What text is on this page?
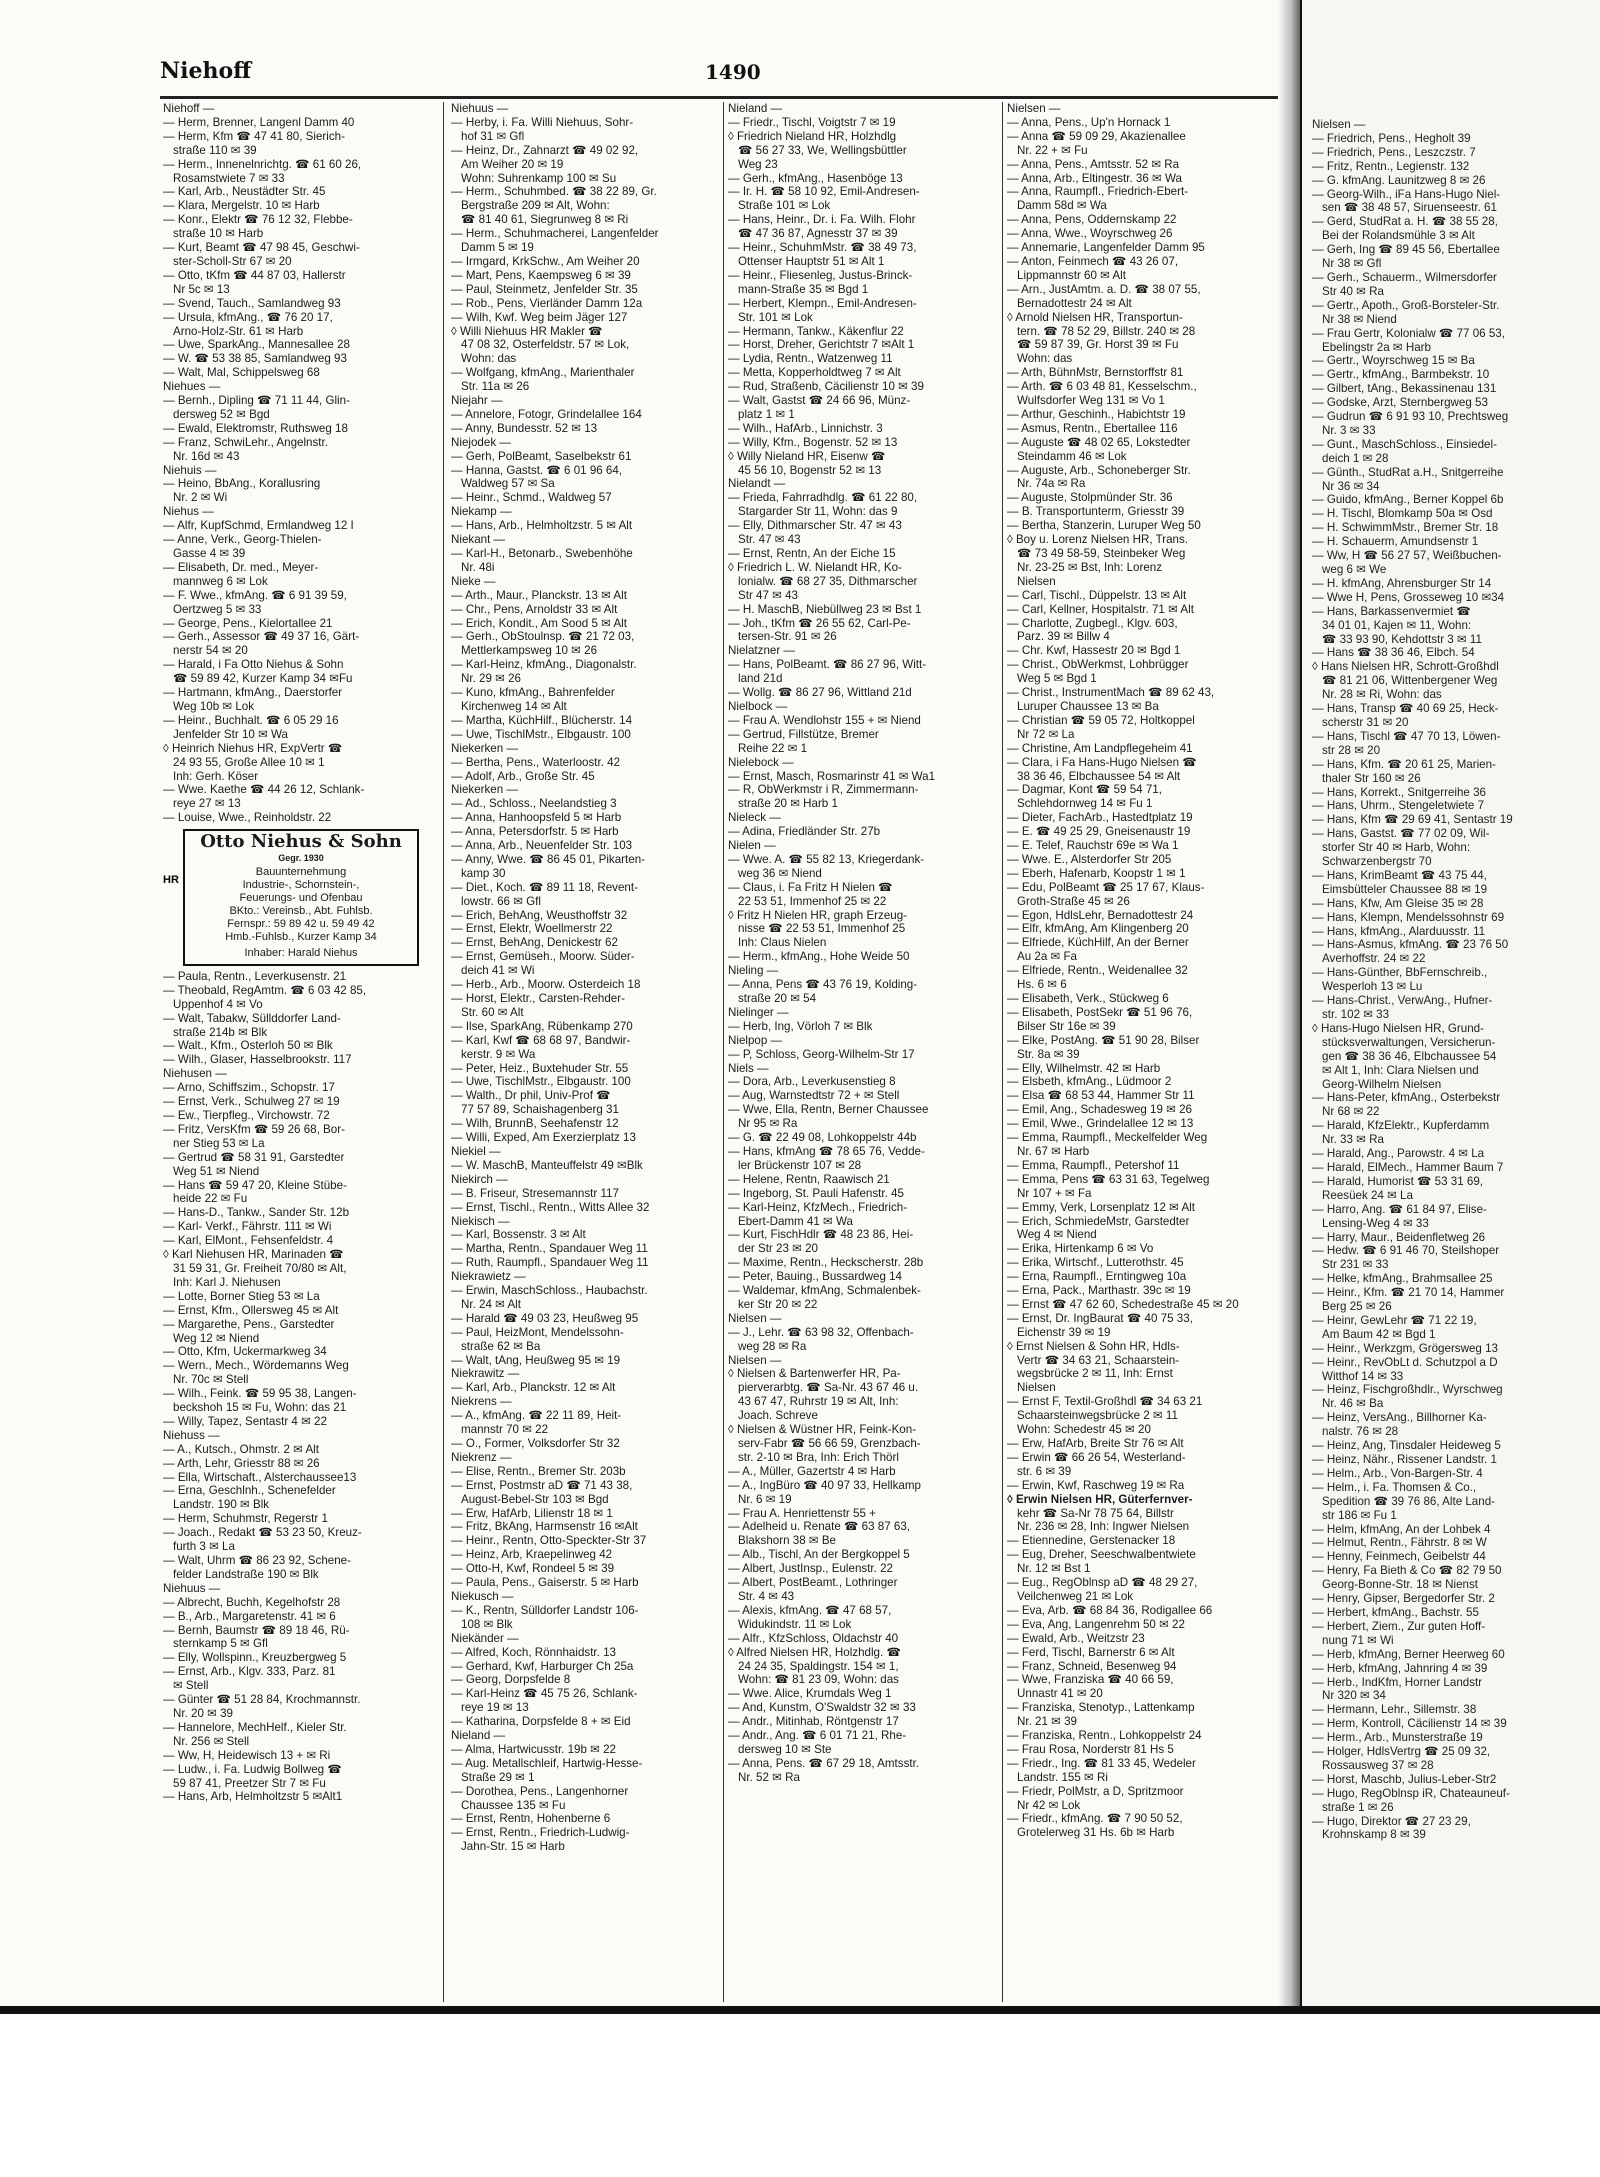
Nielsen —

— Friedrich, Pens., Hegholt 39

— Friedrich, Pens., Leszczstr. 7

— Fritz, Rentn., Legienstr. 132

— G. kfmAng. Launitzweg 8 ✉ 26

— Georg-Wilh., iFa Hans-Hugo Niel-

sen ☎ 38 48 57, Siruenseestr. 61

— Gerd, StudRat a. H. ☎ 38 55 28,

Bei der Rolandsmühle 3 ✉ Alt

— Gerh, Ing ☎ 89 45 56, Ebertallee

Nr 38 ✉ Gfl

— Gerh., Schauerm., Wilmersdorfer

Str 40 ✉ Ra

— Gertr., Apoth., Groß-Borsteler-Str.

Nr 38 ✉ Niend

— Frau Gertr, Kolonialw ☎ 77 06 53,

Ebelingstr 2a ✉ Harb

— Gertr., Woyrschweg 15 ✉ Ba

— Gertr., kfmAng., Barmbekstr. 10

— Gilbert, tAng., Bekassinenau 131

— Godske, Arzt, Sternbergweg 53

— Gudrun ☎ 6 91 93 10, Prechtsweg

Nr. 3 ✉ 33

— Gunt., MaschSchloss., Einsiedel-

deich 1 ✉ 28

— Günth., StudRat a.H., Snitgerreihe

Nr 36 ✉ 34

— Guido, kfmAng., Berner Koppel 6b

— H. Tischl, Blomkamp 50a ✉ Osd

— H. SchwimmMstr., Bremer Str. 18

— H. Schauerm, Amundsenstr 1

— Ww, H ☎ 56 27 57, Weißbuchen-

weg 6 ✉ We

— H. kfmAng, Ahrensburger Str 14

— Wwe H, Pens, Grosseweg 10 ✉34

— Hans, Barkassenvermiet ☎

34 01 01, Kajen ✉ 11, Wohn:

☎ 33 93 90, Kehdottstr 3 ✉ 11

— Hans ☎ 38 36 46, Elbch. 54

◊ Hans Nielsen HR, Schrott-Großhdl

☎ 81 21 06, Wittenbergener Weg

Nr. 28 ✉ Ri, Wohn: das

— Hans, Transp ☎ 40 69 25, Heck-

scherstr 31 ✉ 20

— Hans, Tischl ☎ 47 70 13, Löwen-

str 28 ✉ 20

— Hans, Kfm. ☎ 20 61 25, Marien-

thaler Str 160 ✉ 26

— Hans, Korrekt., Snitgerreihe 36

— Hans, Uhrm., Stengeletwiete 7

— Hans, Kfm ☎ 29 69 41, Sentastr 19

— Hans, Gastst. ☎ 77 02 09, Wil-

storfer Str 40 ✉ Harb, Wohn:

Schwarzenbergstr 70

— Hans, KrimBeamt ☎ 43 75 44,

Eimsbütteler Chaussee 88 ✉ 19

— Hans, Kfw, Am Gleise 35 ✉ 28

— Hans, Klempn, Mendelssohnstr 69

— Hans, kfmAng., Alarduusstr. 11

— Hans-Asmus, kfmAng. ☎ 23 76 50

Averhoffstr. 24 ✉ 22

— Hans-Günther, BbFernschreib.,

Wesperloh 13 ✉ Lu

— Hans-Christ., VerwAng., Hufner-

str. 102 ✉ 33

◊ Hans-Hugo Nielsen HR, Grund-

stücksverwaltungen, Versicherun-

gen ☎ 38 36 46, Elbchaussee 54

✉ Alt 1, Inh: Clara Nielsen und

Georg-Wilhelm Nielsen

— Hans-Peter, kfmAng., Osterbekstr

Nr 68 ✉ 22

— Harald, KfzElektr., Kupferdamm

Nr. 33 ✉ Ra

— Harald, Ang., Parowstr. 4 ✉ La

— Harald, ElMech., Hammer Baum 7

— Harald, Humorist ☎ 53 31 69,

Reesüek 24 ✉ La

— Harro, Ang. ☎ 61 84 97, Elise-

Lensing-Weg 4 ✉ 33

— Harry, Maur., Beidenfletweg 26

— Hedw. ☎ 6 91 46 70, Steilshoper

Str 231 ✉ 33

— Helke, kfmAng., Brahmsallee 25

— Heinr., Kfm. ☎ 21 70 14, Hammer

Berg 25 ✉ 26

— Heinr, GewLehr ☎ 71 22 19,

Am Baum 42 ✉ Bgd 1

— Heinr., Werkzgm, Grögersweg 13

— Heinr., RevObLt d. Schutzpol a D

Witthof 14 ✉ 33

— Heinz, Fischgroßhdlr., Wyrschweg

Nr. 46 ✉ Ba

— Heinz, VersAng., Billhorner Ka-

nalstr. 76 ✉ 28

— Heinz, Ang, Tinsdaler Heideweg 5

— Heinz, Nähr., Rissener Landstr. 1

— Helm., Arb., Von-Bargen-Str. 4

— Helm., i. Fa. Thomsen & Co.,

Spedition ☎ 39 76 86, Alte Land-

str 186 ✉ Fu 1

— Helm, kfmAng, An der Lohbek 4

— Helmut, Rentn., Fährstr. 8 ✉ W

— Henny, Feinmech, Geibelstr 44

— Henry, Fa Bieth & Co ☎ 82 79 50

Georg-Bonne-Str. 18 ✉ Nienst

— Henry, Gipser, Bergedorfer Str. 2

— Herbert, kfmAng., Bachstr. 55

— Herbert, Ziem., Zur guten Hoff-

nung 71 ✉ Wi

— Herb, kfmAng, Berner Heerweg 60

— Herb, kfmAng, Jahnring 4 ✉ 39

— Herb., IndKfm, Horner Landstr

Nr 320 ✉ 34

— Hermann, Lehr., Sillemstr. 38

— Herm, Kontroll, Cäcilienstr 14 ✉ 39

— Herm., Arb., Munsterstraße 19

— Holger, HdlsVertrg ☎ 25 09 32,

Rossausweg 37 ✉ 28

— Horst, Maschb, Julius-Leber-Str2

— Hugo, RegOblnsp iR, Chateauneuf-

straße 1 ✉ 26

— Hugo, Direktor ☎ 27 23 29,

Krohnskamp 8 ✉ 39

Niehoff	1490

Niehoff —

— Herm, Brenner, Langenl Damm 40

— Herm, Kfm ☎ 47 41 80, Sierich-

straße 110 ✉ 39

— Herm., Innenelnrichtg. ☎ 61 60 26,

Rosamstwiete 7 ✉ 33

— Karl, Arb., Neustädter Str. 45

— Klara, Mergelstr. 10 ✉ Harb

— Konr., Elektr ☎ 76 12 32, Flebbe-

straße 10 ✉ Harb

— Kurt, Beamt ☎ 47 98 45, Geschwi-

ster-Scholl-Str 67 ✉ 20

— Otto, tKfm ☎ 44 87 03, Hallerstr

Nr 5c ✉ 13

— Svend, Tauch., Samlandweg 93

— Ursula, kfmAng., ☎ 76 20 17,

Arno-Holz-Str. 61 ✉ Harb

— Uwe, SparkAng., Mannesallee 28

— W. ☎ 53 38 85, Samlandweg 93

— Walt, Mal, Schippelsweg 68

Niehues —

— Bernh., Dipling ☎ 71 11 44, Glin-

dersweg 52 ✉ Bgd

— Ewald, Elektromstr, Ruthsweg 18

— Franz, SchwiLehr., Angelnstr.

Nr. 16d ✉ 43

Niehuis —

— Heino, BbAng., Korallusring

Nr. 2 ✉ Wi

Niehus —

— Alfr, KupfSchmd, Ermlandweg 12 I

— Anne, Verk., Georg-Thielen-

Gasse 4 ✉ 39

— Elisabeth, Dr. med., Meyer-

mannweg 6 ✉ Lok

— F. Wwe., kfmAng. ☎ 6 91 39 59,

Oertzweg 5 ✉ 33

— George, Pens., Kielortallee 21

— Gerh., Assessor ☎ 49 37 16, Gärt-

nerstr 54 ✉ 20

— Harald, i Fa Otto Niehus & Sohn

☎ 59 89 42, Kurzer Kamp 34 ✉Fu

— Hartmann, kfmAng., Daerstorfer

Weg 10b ✉ Lok

— Heinr., Buchhalt. ☎ 6 05 29 16

Jenfelder Str 10 ✉ Wa

◊ Heinrich Niehus HR, ExpVertr ☎

24 93 55, Große Allee 10 ✉ 1

Inh: Gerh. Köser

— Wwe. Kaethe ☎ 44 26 12, Schlank-

reye 27 ✉ 13

— Louise, Wwe., Reinholdstr. 22

Otto Niehus & Sohn Gegr. 1930

Bauunternehmung

Industrie-, Schornstein-,

Feuerungs- und Ofenbau

BKto.: Vereinsb., Abt. Fuhlsb.

Fernspr.: 59 89 42 u. 59 49 42

Hmb.-Fuhlsb., Kurzer Kamp 34

Inhaber: Harald Niehus

— Paula, Rentn., Leverkusenstr. 21

— Theobald, RegAmtm. ☎ 6 03 42 85,

Uppenhof 4 ✉ Vo

— Walt, Tabakw, Süllddorfer Land-

straße 214b ✉ Blk

— Walt., Kfm., Osterloh 50 ✉ Blk

— Wilh., Glaser, Hasselbrookstr. 117

Niehusen —

— Arno, Schiffszim., Schopstr. 17

— Ernst, Verk., Schulweg 27 ✉ 19

— Ew., Tierpfleg., Virchowstr. 72

— Fritz, VersKfm ☎ 59 26 68, Bor-

ner Stieg 53 ✉ La

— Gertrud ☎ 58 31 91, Garstedter

Weg 51 ✉ Niend

— Hans ☎ 59 47 20, Kleine Stübe-

heide 22 ✉ Fu

— Hans-D., Tankw., Sander Str. 12b

— Karl- Verkf., Fährstr. 111 ✉ Wi

— Karl, ElMont., Fehsenfeldstr. 4

◊ Karl Niehusen HR, Marinaden ☎

31 59 31, Gr. Freiheit 70/80 ✉ Alt,

Inh: Karl J. Niehusen

— Lotte, Borner Stieg 53 ✉ La

— Ernst, Kfm., Ollersweg 45 ✉ Alt

— Margarethe, Pens., Garstedter

Weg 12 ✉ Niend

— Otto, Kfm, Uckermarkweg 34

— Wern., Mech., Wördemanns Weg

Nr. 70c ✉ Stell

— Wilh., Feink. ☎ 59 95 38, Langen-

beckshoh 15 ✉ Fu, Wohn: das 21

— Willy, Tapez, Sentastr 4 ✉ 22

Niehuss —

— A., Kutsch., Ohmstr. 2 ✉ Alt

— Arth, Lehr, Griesstr 88 ✉ 26

— Ella, Wirtschaft., Alsterchaussee13

— Erna, Geschlnh., Schenefelder

Landstr. 190 ✉ Blk

— Herm, Schuhmstr, Regerstr 1

— Joach., Redakt ☎ 53 23 50, Kreuz-

furth 3 ✉ La

— Walt, Uhrm ☎ 86 23 92, Schene-

felder Landstraße 190 ✉ Blk

Niehuus —

— Albrecht, Buchh, Kegelhofstr 28

— B., Arb., Margaretenstr. 41 ✉ 6

— Bernh, Baumstr ☎ 89 18 46, Rü-

sternkamp 5 ✉ Gfl

— Elly, Wollspinn., Kreuzbergweg 5

— Ernst, Arb., Klgv. 333, Parz. 81

✉ Stell

— Günter ☎ 51 28 84, Krochmannstr.

Nr. 20 ✉ 39

— Hannelore, MechHelf., Kieler Str.

Nr. 256 ✉ Stell

— Ww, H, Heidewisch 13 + ✉ Ri

— Ludw., i. Fa. Ludwig Bollweg ☎

59 87 41, Preetzer Str 7 ✉ Fu

— Hans, Arb, Helmholtzstr 5 ✉Alt1

HR

Niehuus —

— Herby, i. Fa. Willi Niehuus, Sohr-

hof 31 ✉ Gfl

— Heinz, Dr., Zahnarzt ☎ 49 02 92,

Am Weiher 20 ✉ 19

Wohn: Suhrenkamp 100 ✉ Su

— Herm., Schuhmbed. ☎ 38 22 89, Gr.

Bergstraße 209 ✉ Alt, Wohn:

☎ 81 40 61, Siegrunweg 8 ✉ Ri

— Herm., Schuhmacherei, Langenfelder

Damm 5 ✉ 19

— Irmgard, KrkSchw., Am Weiher 20

— Mart, Pens, Kaempsweg 6 ✉ 39

— Paul, Steinmetz, Jenfelder Str. 35

— Rob., Pens, Vierländer Damm 12a

— Wilh, Kwf. Weg beim Jäger 127

◊ Willi Niehuus HR Makler ☎

47 08 32, Osterfeldstr. 57 ✉ Lok,

Wohn: das

— Wolfgang, kfmAng., Marienthaler

Str. 11a ✉ 26

Niejahr —

— Annelore, Fotogr, Grindelallee 164

— Anny, Bundesstr. 52 ✉ 13

Niejodek —

— Gerh, PolBeamt, Saselbekstr 61

— Hanna, Gastst. ☎ 6 01 96 64,

Waldweg 57 ✉ Sa

— Heinr., Schmd., Waldweg 57

Niekamp —

— Hans, Arb., Helmholtzstr. 5 ✉ Alt

Niekant —

— Karl-H., Betonarb., Swebenhöhe

Nr. 48i

Nieke —

— Arth., Maur., Planckstr. 13 ✉ Alt

— Chr., Pens, Arnoldstr 33 ✉ Alt

— Erich, Kondit., Am Sood 5 ✉ Alt

— Gerh., ObStoulnsp. ☎ 21 72 03,

Mettlerkampsweg 10 ✉ 26

— Karl-Heinz, kfmAng., Diagonalstr.

Nr. 29 ✉ 26

— Kuno, kfmAng., Bahrenfelder

Kirchenweg 14 ✉ Alt

— Martha, KüchHilf., Blücherstr. 14

— Uwe, TischlMstr., Elbgaustr. 100

Niekerken —

— Bertha, Pens., Waterloostr. 42

— Adolf, Arb., Große Str. 45

Niekerken —

— Ad., Schloss., Neelandstieg 3

— Anna, Hanhoopsfeld 5 ✉ Harb

— Anna, Petersdorfstr. 5 ✉ Harb

— Anna, Arb., Neuenfelder Str. 103

— Anny, Wwe. ☎ 86 45 01, Pikarten-

kamp 30

— Diet., Koch. ☎ 89 11 18, Revent-

lowstr. 66 ✉ Gfl

— Erich, BehAng, Weusthoffstr 32

— Ernst, Elektr, Woellmerstr 22

— Ernst, BehAng, Denickestr 62

— Ernst, Gemüseh., Moorw. Süder-

deich 41 ✉ Wi

— Herb., Arb., Moorw. Osterdeich 18

— Horst, Elektr., Carsten-Rehder-

Str. 60 ✉ Alt

— Ilse, SparkAng, Rübenkamp 270

— Karl, Kwf ☎ 68 68 97, Bandwir-

kerstr. 9 ✉ Wa

— Peter, Heiz., Buxtehuder Str. 55

— Uwe, TischlMstr., Elbgaustr. 100

— Walth., Dr phil, Univ-Prof ☎

77 57 89, Schaishagenberg 31

— Wilh, BrunnB, Seehafenstr 12

— Willi, Exped, Am Exerzierplatz 13

Niekiel —

— W. MaschB, Manteuffelstr 49 ✉Blk

Niekirch —

— B. Friseur, Stresemannstr 117

— Ernst, Tischl., Rentn., Witts Allee 32

Niekisch —

— Karl, Bossenstr. 3 ✉ Alt

— Martha, Rentn., Spandauer Weg 11

— Ruth, Raumpfl., Spandauer Weg 11

Niekrawietz —

— Erwin, MaschSchloss., Haubachstr.

Nr. 24 ✉ Alt

— Harald ☎ 49 03 23, Heußweg 95

— Paul, HeizMont, Mendelssohn-

straße 62 ✉ Ba

— Walt, tAng, Heußweg 95 ✉ 19

Niekrawitz —

— Karl, Arb., Planckstr. 12 ✉ Alt

Niekrens —

— A., kfmAng. ☎ 22 11 89, Heit-

mannstr 70 ✉ 22

— O., Former, Volksdorfer Str 32

Niekrenz —

— Elise, Rentn., Bremer Str. 203b

— Ernst, Postmstr aD ☎ 71 43 38,

August-Bebel-Str 103 ✉ Bgd

— Erw, HafArb, Lilienstr 18 ✉ 1

— Fritz, BkAng, Harmsenstr 16 ✉Alt

— Heinr., Rentn, Otto-Speckter-Str 37

— Heinz, Arb, Kraepelinweg 42

— Otto-H, Kwf, Rondeel 5 ✉ 39

— Paula, Pens., Gaiserstr. 5 ✉ Harb

Niekusch —

— K., Rentn, Sülldorfer Landstr 106-

108 ✉ Blk

Niekänder —

— Alfred, Koch, Rönnhaidstr. 13

— Gerhard, Kwf, Harburger Ch 25a

— Georg, Dorpsfelde 8

— Karl-Heinz ☎ 45 75 26, Schlank-

reye 19 ✉ 13

— Katharina, Dorpsfelde 8 + ✉ Eid

Nieland —

— Alma, Hartwicusstr. 19b ✉ 22

— Aug. Metallschleif, Hartwig-Hesse-

Straße 29 ✉ 1

— Dorothea, Pens., Langenhorner

Chaussee 135 ✉ Fu

— Ernst, Rentn, Hohenberne 6

— Ernst, Rentn., Friedrich-Ludwig-

Jahn-Str. 15 ✉ Harb

Nieland —

— Friedr., Tischl, Voigtstr 7 ✉ 19

◊ Friedrich Nieland HR, Holzhdlg

☎ 56 27 33, We, Wellingsbüttler

Weg 23

— Gerh., kfmAng., Hasenböge 13

— Ir. H. ☎ 58 10 92, Emil-Andresen-

Straße 101 ✉ Lok

— Hans, Heinr., Dr. i. Fa. Wilh. Flohr

☎ 47 36 87, Agnesstr 37 ✉ 39

— Heinr., SchuhmMstr. ☎ 38 49 73,

Ottenser Hauptstr 51 ✉ Alt 1

— Heinr., Fliesenleg, Justus-Brinck-

mann-Straße 35 ✉ Bgd 1

— Herbert, Klempn., Emil-Andresen-

Str. 101 ✉ Lok

— Hermann, Tankw., Käkenflur 22

— Horst, Dreher, Gerichtstr 7 ✉Alt 1

— Lydia, Rentn., Watzenweg 11

— Metta, Kopperholdtweg 7 ✉ Alt

— Rud, Straßenb, Cäcilienstr 10 ✉ 39

— Walt, Gastst ☎ 24 66 96, Münz-

platz 1 ✉ 1

— Wilh., HafArb., Linnichstr. 3

— Willy, Kfm., Bogenstr. 52 ✉ 13

◊ Willy Nieland HR, Eisenw ☎

45 56 10, Bogenstr 52 ✉ 13

Nielandt —

— Frieda, Fahrradhdlg. ☎ 61 22 80,

Stargarder Str 11, Wohn: das 9

— Elly, Dithmarscher Str. 47 ✉ 43

Str. 47 ✉ 43

— Ernst, Rentn, An der Eiche 15

◊ Friedrich L. W. Nielandt HR, Ko-

lonialw. ☎ 68 27 35, Dithmarscher

Str 47 ✉ 43

— H. MaschB, Niebüllweg 23 ✉ Bst 1

— Joh., tKfm ☎ 26 55 62, Carl-Pe-

tersen-Str. 91 ✉ 26

Nielatzner —

— Hans, PolBeamt. ☎ 86 27 96, Witt-

land 21d

— Wollg. ☎ 86 27 96, Wittland 21d

Nielbock —

— Frau A. Wendlohstr 155 + ✉ Niend

— Gertrud, Fillstütze, Bremer

Reihe 22 ✉ 1

Nielebock —

— Ernst, Masch, Rosmarinstr 41 ✉ Wa1

— R, ObWerkmstr i R, Zimmermann-

straße 20 ✉ Harb 1

Nieleck —

— Adina, Friedländer Str. 27b

Nielen —

— Wwe. A. ☎ 55 82 13, Kriegerdank-

weg 36 ✉ Niend

— Claus, i. Fa Fritz H Nielen ☎

22 53 51, Immenhof 25 ✉ 22

◊ Fritz H Nielen HR, graph Erzeug-

nisse ☎ 22 53 51, Immenhof 25

Inh: Claus Nielen

— Herm., kfmAng., Hohe Weide 50

Nieling —

— Anna, Pens ☎ 43 76 19, Kolding-

straße 20 ✉ 54

Nielinger —

— Herb, Ing, Vörloh 7 ✉ Blk

Nielpop —

— P, Schloss, Georg-Wilhelm-Str 17

Niels —

— Dora, Arb., Leverkusenstieg 8

— Aug, Warnstedtstr 72 + ✉ Stell

— Wwe, Ella, Rentn, Berner Chaussee

Nr 95 ✉ Ra

— G. ☎ 22 49 08, Lohkoppelstr 44b

— Hans, kfmAng ☎ 78 65 76, Vedde-

ler Brückenstr 107 ✉ 28

— Helene, Rentn, Raawisch 21

— Ingeborg, St. Pauli Hafenstr. 45

— Karl-Heinz, KfzMech., Friedrich-

Ebert-Damm 41 ✉ Wa

— Kurt, FischHdlr ☎ 48 23 86, Hei-

der Str 23 ✉ 20

— Maxime, Rentn., Heckscherstr. 28b

— Peter, Bauing., Bussardweg 14

— Waldemar, kfmAng, Schmalenbek-

ker Str 20 ✉ 22

Nielsen —

— J., Lehr. ☎ 63 98 32, Offenbach-

weg 28 ✉ Ra

Nielsen —

◊ Nielsen & Bartenwerfer HR, Pa-

pierverarbtg. ☎ Sa-Nr. 43 67 46 u.

43 67 47, Ruhrstr 19 ✉ Alt, Inh:

Joach. Schreve

◊ Nielsen & Wüstner HR, Feink-Kon-

serv-Fabr ☎ 56 66 59, Grenzbach-

str. 2-10 ✉ Bra, Inh: Erich Thörl

— A., Müller, Gazertstr 4 ✉ Harb

— A., IngBüro ☎ 40 97 33, Hellkamp

Nr. 6 ✉ 19

— Frau A. Henriettenstr 55 +

— Adelheid u. Renate ☎ 63 87 63,

Blakshorn 38 ✉ Be

— Alb., Tischl, An der Bergkoppel 5

— Albert, JustInsp., Eulenstr. 22

— Albert, PostBeamt., Lothringer

Str. 4 ✉ 43

— Alexis, kfmAng. ☎ 47 68 57,

Widukindstr. 11 ✉ Lok

— Alfr., KfzSchloss, Oldachstr 40

◊ Alfred Nielsen HR, Holzhdlg. ☎

24 24 35, Spaldingstr. 154 ✉ 1,

Wohn: ☎ 81 23 09, Wohn: das

— Wwe. Alice, Krumdals Weg 1

— And, Kunstm, O'Swaldstr 32 ✉ 33

— Andr., Mitinhab, Röntgenstr 17

— Andr., Ang. ☎ 6 01 71 21, Rhe-

dersweg 10 ✉ Ste

— Anna, Pens. ☎ 67 29 18, Amtsstr.

Nr. 52 ✉ Ra

Nielsen —

— Anna, Pens., Up'n Hornack 1

— Anna ☎ 59 09 29, Akazienallee

Nr. 22 + ✉ Fu

— Anna, Pens., Amtsstr. 52 ✉ Ra

— Anna, Arb., Eltingestr. 36 ✉ Wa

— Anna, Raumpfl., Friedrich-Ebert-

Damm 58d ✉ Wa

— Anna, Pens, Oddernskamp 22

— Anna, Wwe., Woyrschweg 26

— Annemarie, Langenfelder Damm 95

— Anton, Feinmech ☎ 43 26 07,

Lippmannstr 60 ✉ Alt

— Arn., JustAmtm. a. D. ☎ 38 07 55,

Bernadottestr 24 ✉ Alt

◊ Arnold Nielsen HR, Transportun-

tern. ☎ 78 52 29, Billstr. 240 ✉ 28

☎ 59 87 39, Gr. Horst 39 ✉ Fu

Wohn: das

— Arth, BühnMstr, Bernstorffstr 81

— Arth. ☎ 6 03 48 81, Kesselschm.,

Wulfsdorfer Weg 131 ✉ Vo 1

— Arthur, Geschinh., Habichtstr 19

— Asmus, Rentn., Ebertallee 116

— Auguste ☎ 48 02 65, Lokstedter

Steindamm 46 ✉ Lok

— Auguste, Arb., Schoneberger Str.

Nr. 74a ✉ Ra

— Auguste, Stolpmünder Str. 36

— B. Transportunterm, Griesstr 39

— Bertha, Stanzerin, Luruper Weg 50

◊ Boy u. Lorenz Nielsen HR, Trans.

☎ 73 49 58-59, Steinbeker Weg

Nr. 23-25 ✉ Bst, Inh: Lorenz

Nielsen

— Carl, Tischl., Düppelstr. 13 ✉ Alt

— Carl, Kellner, Hospitalstr. 71 ✉ Alt

— Charlotte, Zugbegl., Klgv. 603,

Parz. 39 ✉ Billw 4

— Chr. Kwf, Hassestr 20 ✉ Bgd 1

— Christ., ObWerkmst, Lohbrügger

Weg 5 ✉ Bgd 1

— Christ., InstrumentMach ☎ 89 62 43,

Luruper Chaussee 13 ✉ Ba

— Christian ☎ 59 05 72, Holtkoppel

Nr 72 ✉ La

— Christine, Am Landpflegeheim 41

— Clara, i Fa Hans-Hugo Nielsen ☎

38 36 46, Elbchaussee 54 ✉ Alt

— Dagmar, Kont ☎ 59 54 71,

Schlehdornweg 14 ✉ Fu 1

— Dieter, FachArb., Hastedtplatz 19

— E. ☎ 49 25 29, Gneisenaustr 19

— E. Telef, Rauchstr 69e ✉ Wa 1

— Wwe. E., Alsterdorfer Str 205

— Eberh, Hafenarb, Koopstr 1 ✉ 1

— Edu, PolBeamt ☎ 25 17 67, Klaus-

Groth-Straße 45 ✉ 26

— Egon, HdlsLehr, Bernadottestr 24

— Elfr, kfmAng, Am Klingenberg 20

— Elfriede, KüchHilf, An der Berner

Au 2a ✉ Fa

— Elfriede, Rentn., Weidenallee 32

Hs. 6 ✉ 6

— Elisabeth, Verk., Stückweg 6

— Elisabeth, PostSekr ☎ 51 96 76,

Bilser Str 16e ✉ 39

— Elke, PostAng. ☎ 51 90 28, Bilser

Str. 8a ✉ 39

— Elly, Wilhelmstr. 42 ✉ Harb

— Elsbeth, kfmAng., Lüdmoor 2

— Elsa ☎ 68 53 44, Hammer Str 11

— Emil, Ang., Schadesweg 19 ✉ 26

— Emil, Wwe., Grindelallee 12 ✉ 13

— Emma, Raumpfl., Meckelfelder Weg

Nr. 67 ✉ Harb

— Emma, Raumpfl., Petershof 11

— Emma, Pens ☎ 63 31 63, Tegelweg

Nr 107 + ✉ Fa

— Emmy, Verk, Lorsenplatz 12 ✉ Alt

— Erich, SchmiedeMstr, Garstedter

Weg 4 ✉ Niend

— Erika, Hirtenkamp 6 ✉ Vo

— Erika, Wirtschf., Lutterothstr. 45

— Erna, Raumpfl., Erntingweg 10a

— Erna, Pack., Marthastr. 39c ✉ 19

— Ernst ☎ 47 62 60, Schedestraße 45 ✉ 20

— Ernst, Dr. IngBaurat ☎ 40 75 33,

Eichenstr 39 ✉ 19

◊ Ernst Nielsen & Sohn HR, Hdls-

Vertr ☎ 34 63 21, Schaarstein-

wegsbrücke 2 ✉ 11, Inh: Ernst

Nielsen

— Ernst F, Textil-Großhdl ☎ 34 63 21

Schaarsteinwegsbrücke 2 ✉ 11

Wohn: Schedestr 45 ✉ 20

— Erw, HafArb, Breite Str 76 ✉ Alt

— Erwin ☎ 66 26 54, Westerland-

str. 6 ✉ 39

— Erwin, Kwf, Raschweg 19 ✉ Ra

◊ Erwin Nielsen HR, Güterfernver-

kehr ☎ Sa-Nr 78 75 64, Billstr

Nr. 236 ✉ 28, Inh: Ingwer Nielsen

— Etiennedine, Gerstenacker 18

— Eug, Dreher, Seeschwalbentwiete

Nr. 12 ✉ Bst 1

— Eug., RegOblnsp aD ☎ 48 29 27,

Veilchenweg 21 ✉ Lok

— Eva, Arb. ☎ 68 84 36, Rodigallee 66

— Eva, Ang, Langenrehm 50 ✉ 22

— Ewald, Arb., Weitzstr 23

— Ferd, Tischl, Barnerstr 6 ✉ Alt

— Franz, Schneid, Besenweg 94

— Wwe, Franziska ☎ 40 66 59,

Unnastr 41 ✉ 20

— Franziska, Stenotyp., Lattenkamp

Nr. 21 ✉ 39

— Franziska, Rentn., Lohkoppelstr 24

— Frau Rosa, Norderstr 81 Hs 5

— Friedr., Ing. ☎ 81 33 45, Wedeler

Landstr. 155 ✉ Ri

— Friedr, PolMstr, a D, Spritzmoor

Nr 42 ✉ Lok

— Friedr., kfmAng. ☎ 7 90 50 52,

Grotelerweg 31 Hs. 6b ✉ Harb
